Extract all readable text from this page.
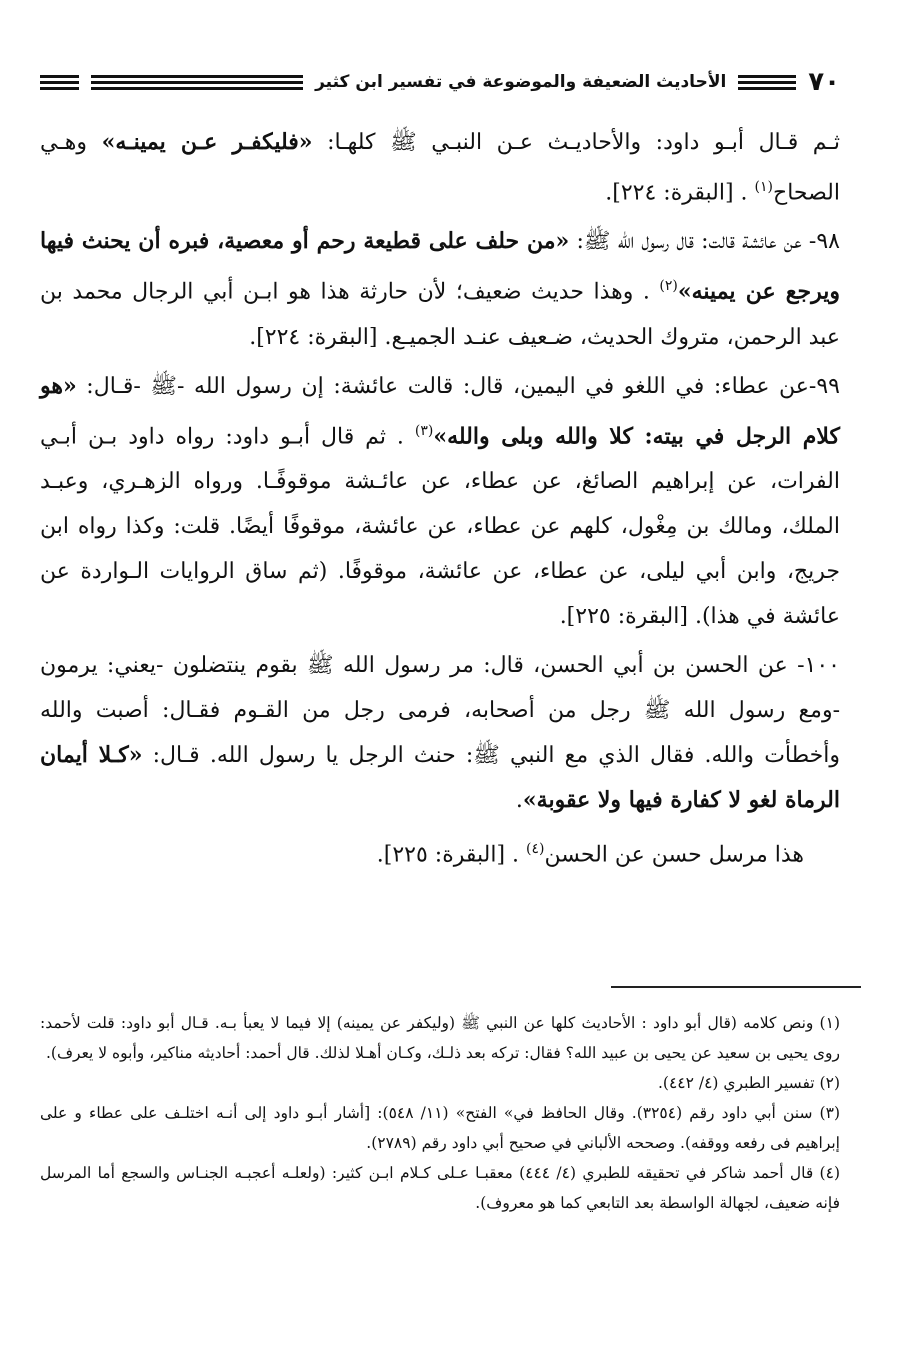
٧٠
الأحاديث الضعيفة والموضوعة في تفسير ابن كثير

ثـم قـال أبـو داود: والأحاديـث عـن النبـي ﷺ كلهـا: «فليكفـر عـن يمينـه» وهـي الصحاح$^{(١)}$ . [البقرة: ٢٢٤].

٩٨- عن عائشة قالت: قال رسول الله ﷺ: «من حلف على قطيعة رحم أو معصية، فبره أن يحنث فيها ويرجع عن يمينه»$^{(٢)}$ . وهذا حديث ضعيف؛ لأن حارثة هذا هو ابـن أبي الرجال محمد بن عبد الرحمن، متروك الحديث، ضـعيف عنـد الجميـع. [البقرة: ٢٢٤].

٩٩-عن عطاء: في اللغو في اليمين، قال: قالت عائشة: إن رسول الله -ﷺ -قـال: «هو كلام الرجل في بيته: كلا والله وبلى والله»$^{(٣)}$ . ثم قال أبـو داود: رواه داود بـن أبـي الفرات، عن إبراهيم الصائغ، عن عطاء، عن عائـشة موقوفًـا. ورواه الزهـري، وعبـد الملك، ومالك بن مِغْول، كلهم عن عطاء، عن عائشة، موقوفًا أيضًا. قلت: وكذا رواه ابن جريج، وابن أبي ليلى، عن عطاء، عن عائشة، موقوفًا. (ثم ساق الروايات الـواردة عن عائشة في هذا). [البقرة: ٢٢٥].

١٠٠- عن الحسن بن أبي الحسن، قال: مر رسول الله ﷺ بقوم ينتضلون -يعني: يرمون -ومع رسول الله ﷺ رجل من أصحابه، فرمى رجل من القـوم فقـال: أصبت والله وأخطأت والله. فقال الذي مع النبي ﷺ: حنث الرجل يا رسول الله. قـال: «كـلا أيمان الرماة لغو لا كفارة فيها ولا عقوبة».

هذا مرسل حسن عن الحسن$^{(٤)}$ . [البقرة: ٢٢٥].

(١) ونص كلامه (قال أبو داود : الأحاديث كلها عن النبي ﷺ (وليكفر عن يمينه) إلا فيما لا يعبأ بـه. قـال أبو داود: قلت لأحمد: روى يحيى بن سعيد عن يحيى بن عبيد الله؟ فقال: تركه بعد ذلـك، وكـان أهـلا لذلك. قال أحمد: أحاديثه مناكير، وأبوه لا يعرف).

(٢) تفسير الطبري (٤/ ٤٤٢).

(٣) سنن أبي داود رقم (٣٢٥٤). وقال الحافظ في» الفتح» (١١/ ٥٤٨): [أشار أبـو داود إلى أنـه اختلـف على عطاء و على إبراهيم فى رفعه ووقفه). وصححه الألباني في صحيح أبي داود رقم (٢٧٨٩).

(٤) قال أحمد شاكر في تحقيقه للطبري (٤/ ٤٤٤) معقبـا عـلى كـلام ابـن كثير: (ولعلـه أعجبـه الجنـاس والسجع أما المرسل فإنه ضعيف، لجهالة الواسطة بعد التابعي كما هو معروف).
